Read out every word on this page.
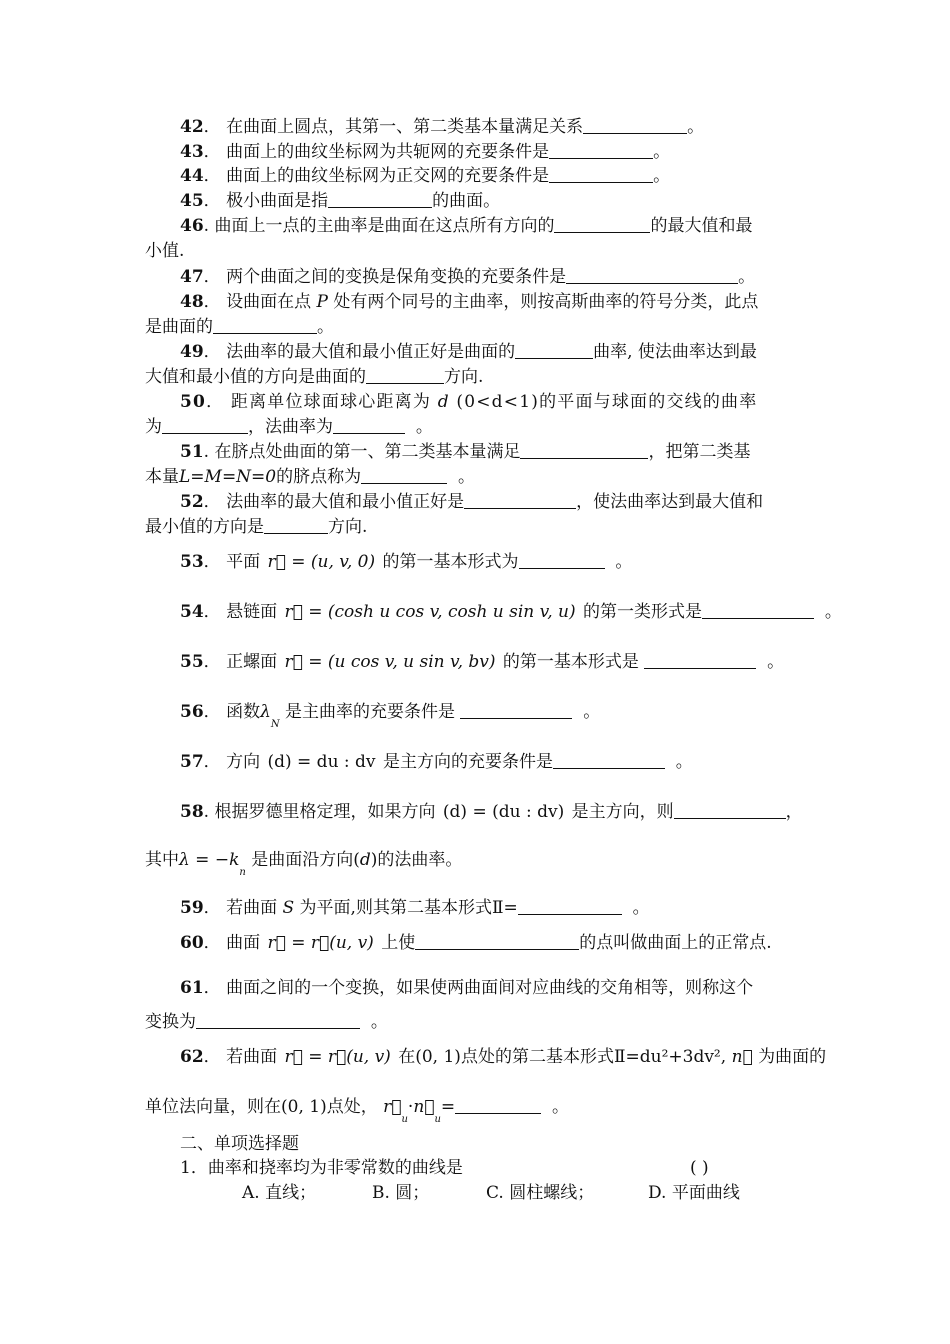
42． 在曲面上圆点，其第一、第二类基本量满足关系	。
43． 曲面上的曲纹坐标网为共轭网的充要条件是	。
44． 曲面上的曲纹坐标网为正交网的充要条件是	。
45． 极小曲面是指	的曲面。
46. 曲面上一点的主曲率是曲面在这点所有方向的	的最大值和最
小值.
47． 两个曲面之间的变换是保角变换的充要条件是	。
48． 设曲面在点 P 处有两个同号的主曲率，则按高斯曲率的符号分类，此点
是曲面的	。
49． 法曲率的最大值和最小值正好是曲面的	曲率, 使法曲率达到最
大值和最小值的方向是曲面的	方向.
50． 距离单位球面球心距离为 d (0<d<1)的平面与球面的交线的曲率
为	，法曲率为	。
51. 在脐点处曲面的第一、第二类基本量满足	，把第二类基
本量L=M=N=0的脐点称为	。
52． 法曲率的最大值和最小值正好是	，使法曲率达到最大值和
最小值的方向是	方向.
53． 平面 r⃗ = (u, v, 0) 的第一基本形式为	。
54． 悬链面 r⃗ = (cosh u cos v, cosh u sin v, u) 的第一类形式是	。
55． 正螺面 r⃗ = (u cos v, u sin v, bv) 的第一基本形式是	。
56． 函数$\lambda_N$ 是主曲率的充要条件是	。
57． 方向 (d) = du : dv 是主方向的充要条件是	。
58. 根据罗德里格定理，如果方向 (d) = (du : dv) 是主方向，则	，
其中$\lambda = -k_n$ 是曲面沿方向(d)的法曲率。
59． 若曲面 S 为平面,则其第二基本形式Ⅱ=	。
60． 曲面 r⃗ = r⃗(u, v) 上使	的点叫做曲面上的正常点.
61． 曲面之间的一个变换，如果使两曲面间对应曲线的交角相等，则称这个
变换为	。
62． 若曲面 r⃗ = r⃗(u, v) 在(0, 1)点处的第二基本形式Ⅱ=du²+3dv², n⃗ 为曲面的
单位法向量，则在(0, 1)点处， $r⃗_u\cdot n⃗_u=$	。
二、单项选择题
1．曲率和挠率均为非零常数的曲线是	( )
A. 直线；	B. 圆；	C. 圆柱螺线；	D. 平面曲线
